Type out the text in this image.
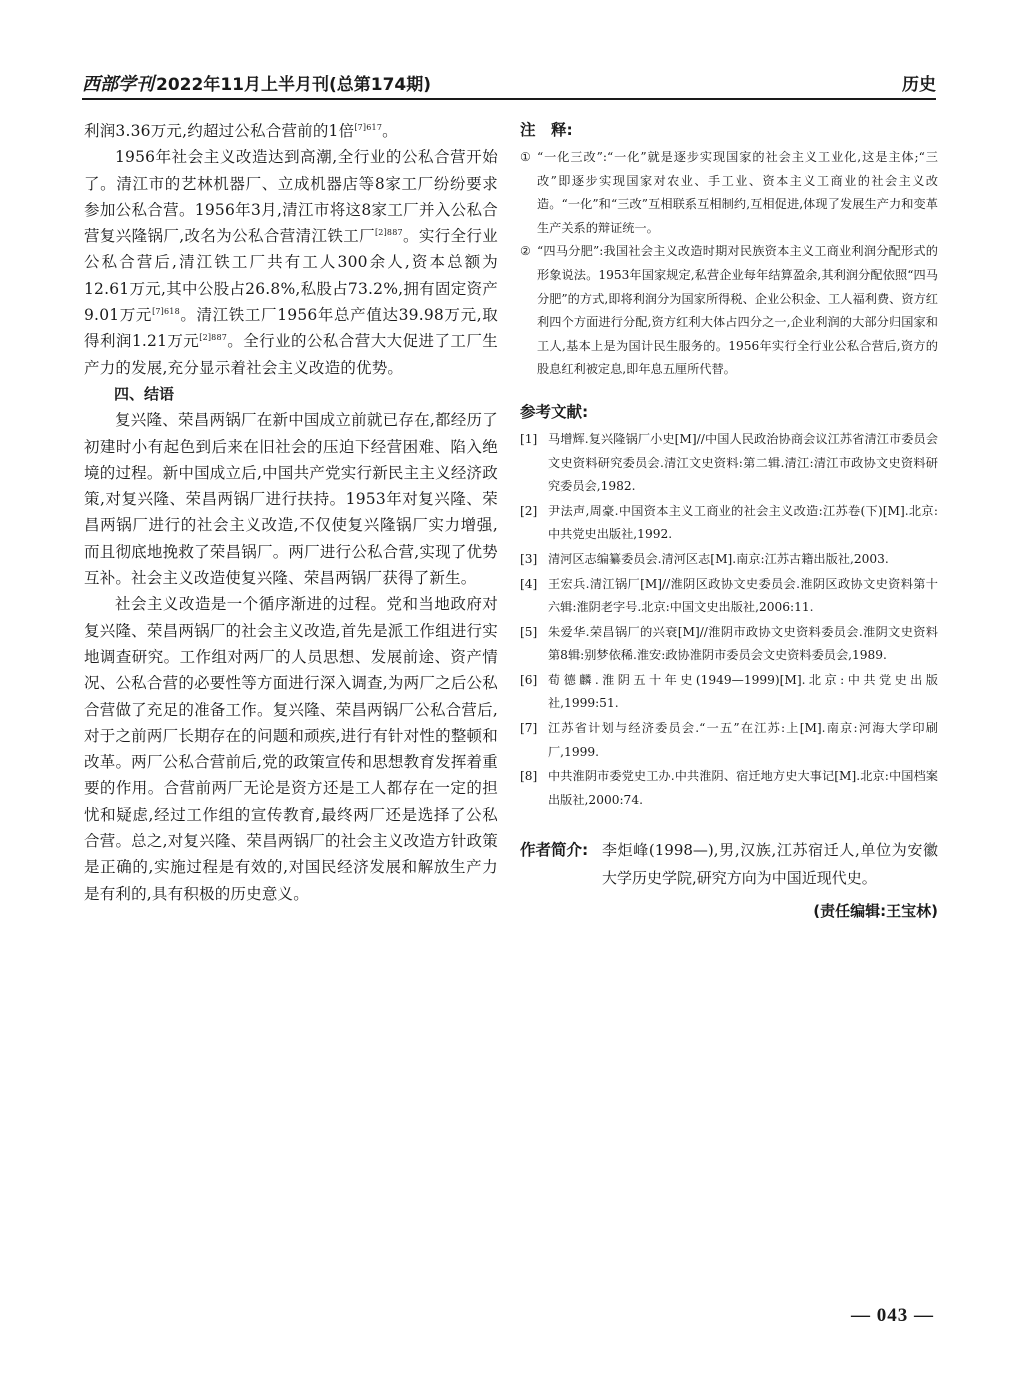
西部学刊 2022年11月上半月刊(总第174期)	历史

利润3.36万元,约超过公私合营前的1倍$^{[7]617}$。

1956年社会主义改造达到高潮,全行业的公私合营开始了。清江市的艺林机器厂、立成机器店等8家工厂纷纷要求参加公私合营。1956年3月,清江市将这8家工厂并入公私合营复兴隆锅厂,改名为公私合营清江铁工厂$^{[2]887}$。实行全行业公私合营后,清江铁工厂共有工人300余人,资本总额为12.61万元,其中公股占26.8%,私股占73.2%,拥有固定资产9.01万元$^{[7]618}$。清江铁工厂1956年总产值达39.98万元,取得利润1.21万元$^{[2]887}$。全行业的公私合营大大促进了工厂生产力的发展,充分显示着社会主义改造的优势。

四、结语

复兴隆、荣昌两锅厂在新中国成立前就已存在,都经历了初建时小有起色到后来在旧社会的压迫下经营困难、陷入绝境的过程。新中国成立后,中国共产党实行新民主主义经济政策,对复兴隆、荣昌两锅厂进行扶持。1953年对复兴隆、荣昌两锅厂进行的社会主义改造,不仅使复兴隆锅厂实力增强,而且彻底地挽救了荣昌锅厂。两厂进行公私合营,实现了优势互补。社会主义改造使复兴隆、荣昌两锅厂获得了新生。

社会主义改造是一个循序渐进的过程。党和当地政府对复兴隆、荣昌两锅厂的社会主义改造,首先是派工作组进行实地调查研究。工作组对两厂的人员思想、发展前途、资产情况、公私合营的必要性等方面进行深入调查,为两厂之后公私合营做了充足的准备工作。复兴隆、荣昌两锅厂公私合营后,对于之前两厂长期存在的问题和顽疾,进行有针对性的整顿和改革。两厂公私合营前后,党的政策宣传和思想教育发挥着重要的作用。合营前两厂无论是资方还是工人都存在一定的担忧和疑虑,经过工作组的宣传教育,最终两厂还是选择了公私合营。总之,对复兴隆、荣昌两锅厂的社会主义改造方针政策是正确的,实施过程是有效的,对国民经济发展和解放生产力是有利的,具有积极的历史意义。

注　释:
① “一化三改”:“一化”就是逐步实现国家的社会主义工业化,这是主体;“三改”即逐步实现国家对农业、手工业、资本主义工商业的社会主义改造。“一化”和“三改”互相联系互相制约,互相促进,体现了发展生产力和变革生产关系的辩证统一。
② “四马分肥”:我国社会主义改造时期对民族资本主义工商业利润分配形式的形象说法。1953年国家规定,私营企业每年结算盈余,其利润分配依照“四马分肥”的方式,即将利润分为国家所得税、企业公积金、工人福利费、资方红利四个方面进行分配,资方红利大体占四分之一,企业利润的大部分归国家和工人,基本上是为国计民生服务的。1956年实行全行业公私合营后,资方的股息红利被定息,即年息五厘所代替。
参考文献:
[1] 马增辉.复兴隆锅厂小史[M]//中国人民政治协商会议江苏省清江市委员会文史资料研究委员会.清江文史资料:第二辑.清江:清江市政协文史资料研究委员会,1982.
[2] 尹法声,周豪.中国资本主义工商业的社会主义改造:江苏卷(下)[M].北京:中共党史出版社,1992.
[3] 清河区志编纂委员会.清河区志[M].南京:江苏古籍出版社,2003.
[4] 王宏兵.清江锅厂[M]//淮阴区政协文史委员会.淮阴区政协文史资料第十六辑:淮阴老字号.北京:中国文史出版社,2006:11.
[5] 朱爱华.荣昌锅厂的兴衰[M]//淮阴市政协文史资料委员会.淮阴文史资料第8辑:别梦依稀.淮安:政协淮阴市委员会文史资料委员会,1989.
[6] 荀德麟.淮阴五十年史(1949—1999)[M].北京:中共党史出版社,1999:51.
[7] 江苏省计划与经济委员会.“一五”在江苏:上[M].南京:河海大学印刷厂,1999.
[8] 中共淮阴市委党史工办.中共淮阴、宿迁地方史大事记[M].北京:中国档案出版社,2000:74.
作者简介: 李炬峰(1998—),男,汉族,江苏宿迁人,单位为安徽大学历史学院,研究方向为中国近现代史。
(责任编辑:王宝林)
— 043 —
